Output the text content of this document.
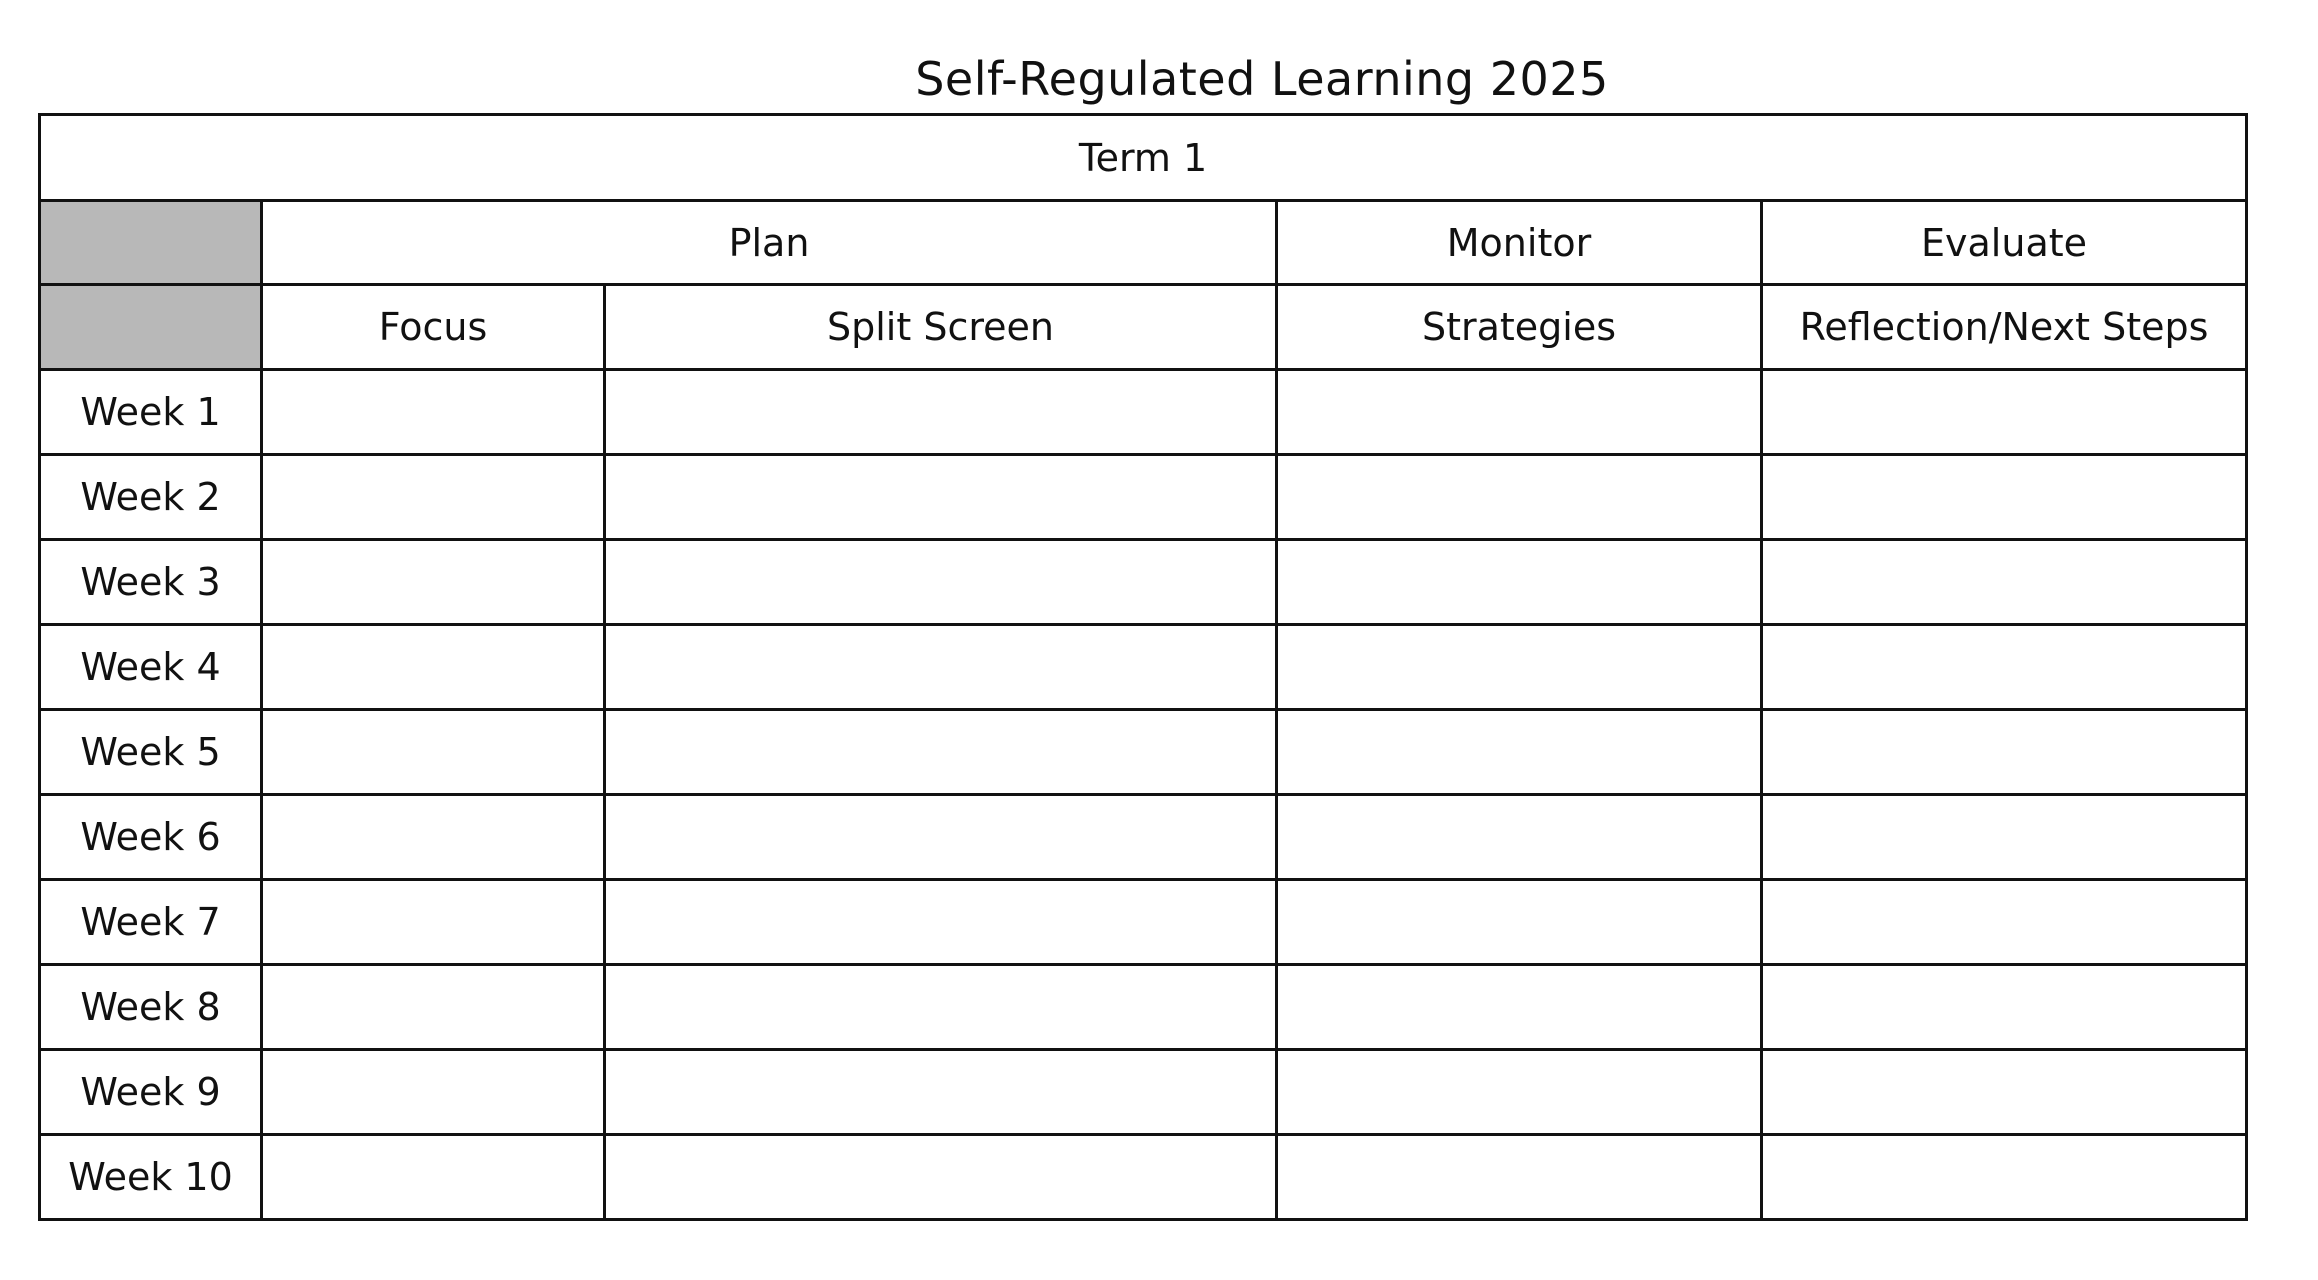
Self-Regulated Learning 2025
Term 1				
	Plan		Monitor	Evaluate
	Focus	Split Screen	Strategies	Reflection/Next Steps
Week 1				
Week 2				
Week 3				
Week 4				
Week 5				
Week 6				
Week 7				
Week 8				
Week 9				
Week 10				
